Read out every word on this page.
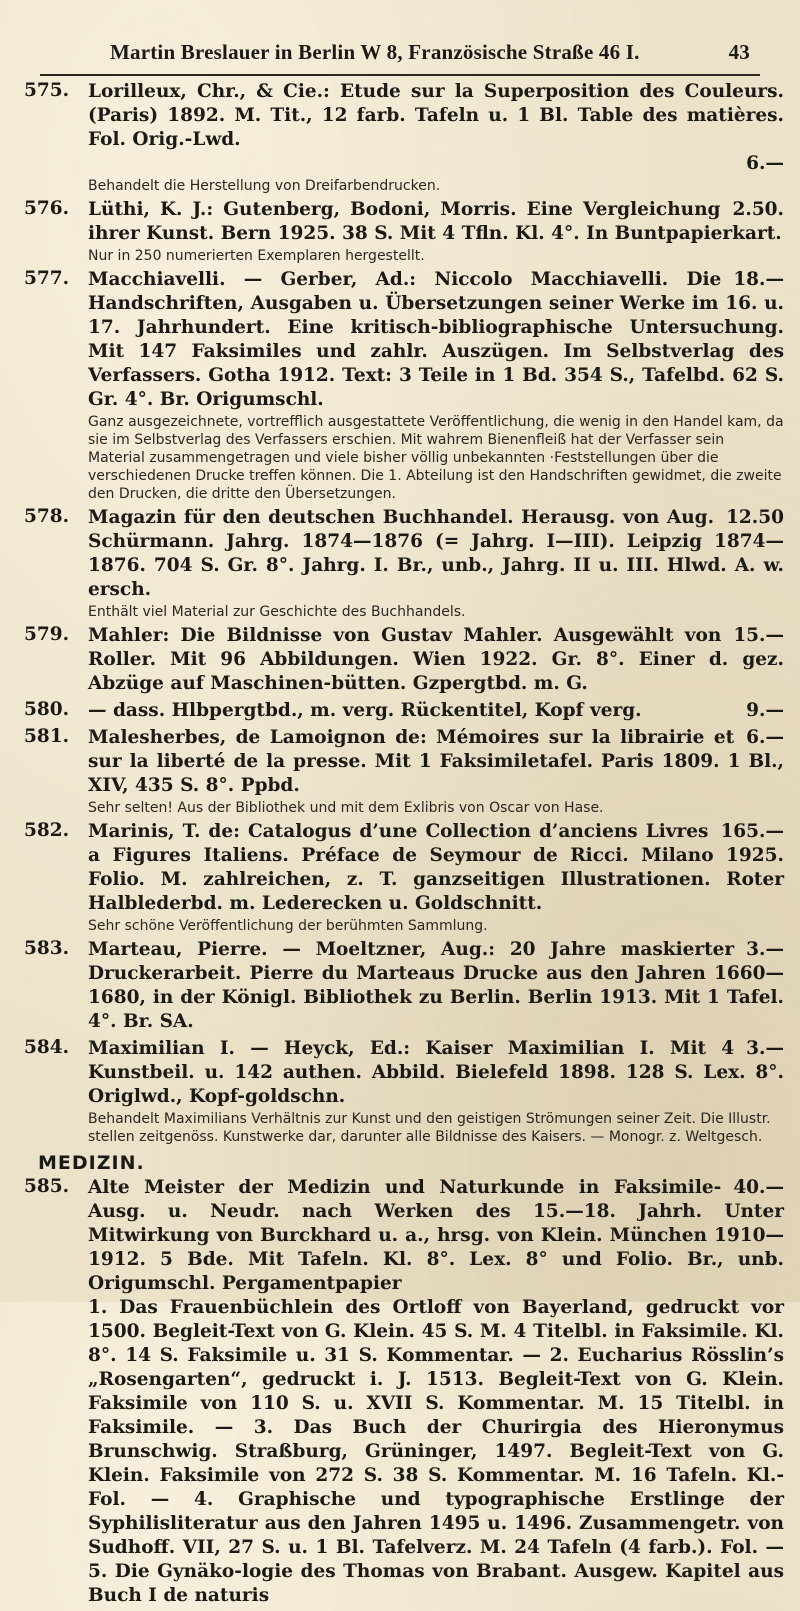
Martin Breslauer in Berlin W 8, Französische Straße 46 I.	43
575.	Lorilleux, Chr., & Cie.: Etude sur la Superposition des Couleurs. (Paris) 1892. M. Tit., 12 farb. Tafeln u. 1 Bl. Table des matières. Fol. Orig.-Lwd.
6.—
Behandelt die Herstellung von Dreifarbendrucken.
576.	2.50.
Lüthi, K. J.: Gutenberg, Bodoni, Morris. Eine Vergleichung ihrer Kunst. Bern 1925. 38 S. Mit 4 Tfln. Kl. 4°. In Buntpapierkart.
Nur in 250 numerierten Exemplaren hergestellt.
577.	18.—
Macchiavelli. — Gerber, Ad.: Niccolo Macchiavelli. Die Handschriften, Ausgaben u. Übersetzungen seiner Werke im 16. u. 17. Jahrhundert. Eine kritisch-bibliographische Untersuchung. Mit 147 Faksimiles und zahlr. Auszügen. Im Selbstverlag des Verfassers. Gotha 1912. Text: 3 Teile in 1 Bd. 354 S., Tafelbd. 62 S. Gr. 4°. Br. Origumschl.
Ganz ausgezeichnete, vortrefflich ausgestattete Veröffentlichung, die wenig in den Handel kam, da sie im Selbstverlag des Verfassers erschien. Mit wahrem Bienenfleiß hat der Verfasser sein Material zusammengetragen und viele bisher völlig unbekannten ·Feststellungen über die verschiedenen Drucke treffen können. Die 1. Abteilung ist den Handschriften gewidmet, die zweite den Drucken, die dritte den Übersetzungen.
578.	12.50
Magazin für den deutschen Buchhandel. Herausg. von Aug. Schürmann. Jahrg. 1874—1876 (= Jahrg. I—III). Leipzig 1874—1876. 704 S. Gr. 8°. Jahrg. I. Br., unb., Jahrg. II u. III. Hlwd. A. w. ersch.
Enthält viel Material zur Geschichte des Buchhandels.
579.	15.—
Mahler: Die Bildnisse von Gustav Mahler. Ausgewählt von Roller. Mit 96 Abbildungen. Wien 1922. Gr. 8°. Einer d. gez. Abzüge auf Maschinen-bütten. Gzpergtbd. m. G.
580.	9.—
— dass. Hlbpergtbd., m. verg. Rückentitel, Kopf verg.
581.	6.—
Malesherbes, de Lamoignon de: Mémoires sur la librairie et sur la liberté de la presse. Mit 1 Faksimiletafel. Paris 1809. 1 Bl., XIV, 435 S. 8°. Ppbd.
Sehr selten! Aus der Bibliothek und mit dem Exlibris von Oscar von Hase.
582.	165.—
Marinis, T. de: Catalogus d’une Collection d’anciens Livres a Figures Italiens. Préface de Seymour de Ricci. Milano 1925. Folio. M. zahlreichen, z. T. ganzseitigen Illustrationen. Roter Halblederbd. m. Lederecken u. Goldschnitt.
Sehr schöne Veröffentlichung der berühmten Sammlung.
583.	3.—
Marteau, Pierre. — Moeltzner, Aug.: 20 Jahre maskierter Druckerarbeit. Pierre du Marteaus Drucke aus den Jahren 1660—1680, in der Königl. Bibliothek zu Berlin. Berlin 1913. Mit 1 Tafel. 4°. Br. SA.
584.	3.—
Maximilian I. — Heyck, Ed.: Kaiser Maximilian I. Mit 4 Kunstbeil. u. 142 authen. Abbild. Bielefeld 1898. 128 S. Lex. 8°. Origlwd., Kopf-goldschn.
Behandelt Maximilians Verhältnis zur Kunst und den geistigen Strömungen seiner Zeit. Die Illustr. stellen zeitgenöss. Kunstwerke dar, darunter alle Bildnisse des Kaisers. — Monogr. z. Weltgesch.
MEDIZIN.
585.	40.—
Alte Meister der Medizin und Naturkunde in Faksimile-Ausg. u. Neudr. nach Werken des 15.—18. Jahrh. Unter Mitwirkung von Burckhard u. a., hrsg. von Klein. München 1910—1912. 5 Bde. Mit Tafeln. Kl. 8°. Lex. 8° und Folio. Br., unb. Origumschl. Pergamentpapier
1. Das Frauenbüchlein des Ortloff von Bayerland, gedruckt vor 1500. Begleit-Text von G. Klein. 45 S. M. 4 Titelbl. in Faksimile. Kl. 8°. 14 S. Faksimile u. 31 S. Kommentar. — 2. Eucharius Rösslin’s „Rosengarten“, gedruckt i. J. 1513. Begleit-Text von G. Klein. Faksimile von 110 S. u. XVII S. Kommentar. M. 15 Titelbl. in Faksimile. — 3. Das Buch der Churirgia des Hieronymus Brunschwig. Straßburg, Grüninger, 1497. Begleit-Text von G. Klein. Faksimile von 272 S. 38 S. Kommentar. M. 16 Tafeln. Kl.-Fol. — 4. Graphische und typographische Erstlinge der Syphilisliteratur aus den Jahren 1495 u. 1496. Zusammengetr. von Sudhoff. VII, 27 S. u. 1 Bl. Tafelverz. M. 24 Tafeln (4 farb.). Fol. — 5. Die Gynäko-logie des Thomas von Brabant. Ausgew. Kapitel aus Buch I de naturis
